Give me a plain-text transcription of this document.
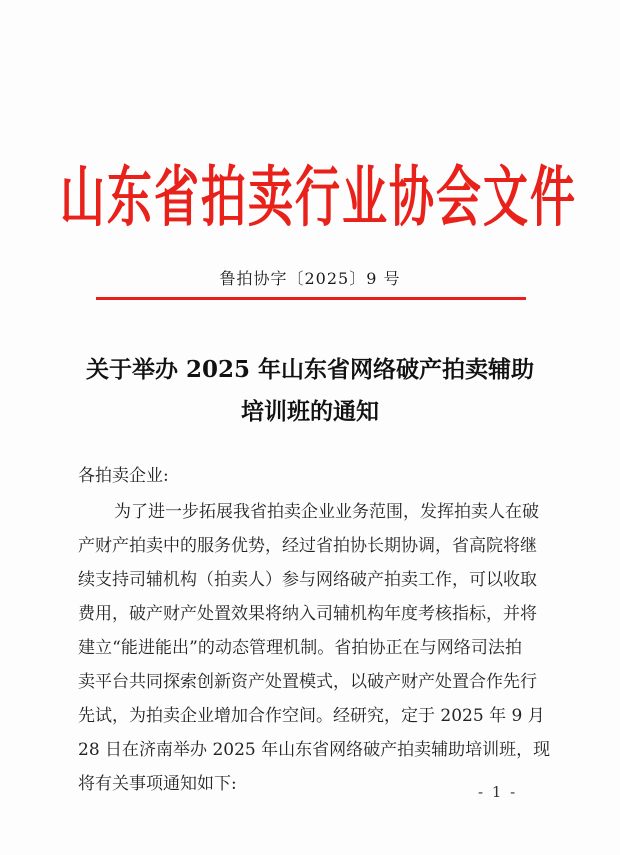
山东省拍卖行业协会文件
鲁拍协字〔2025〕9 号
关于举办 2025 年山东省网络破产拍卖辅助
培训班的通知
各拍卖企业:
为了进一步拓展我省拍卖企业业务范围，发挥拍卖人在破
产财产拍卖中的服务优势，经过省拍协长期协调，省高院将继
续支持司辅机构（拍卖人）参与网络破产拍卖工作，可以收取
费用，破产财产处置效果将纳入司辅机构年度考核指标，并将
建立“能进能出”的动态管理机制。省拍协正在与网络司法拍
卖平台共同探索创新资产处置模式，以破产财产处置合作先行
先试，为拍卖企业增加合作空间。经研究，定于 2025 年 9 月
28 日在济南举办 2025 年山东省网络破产拍卖辅助培训班，现
将有关事项通知如下:	- 1 -
